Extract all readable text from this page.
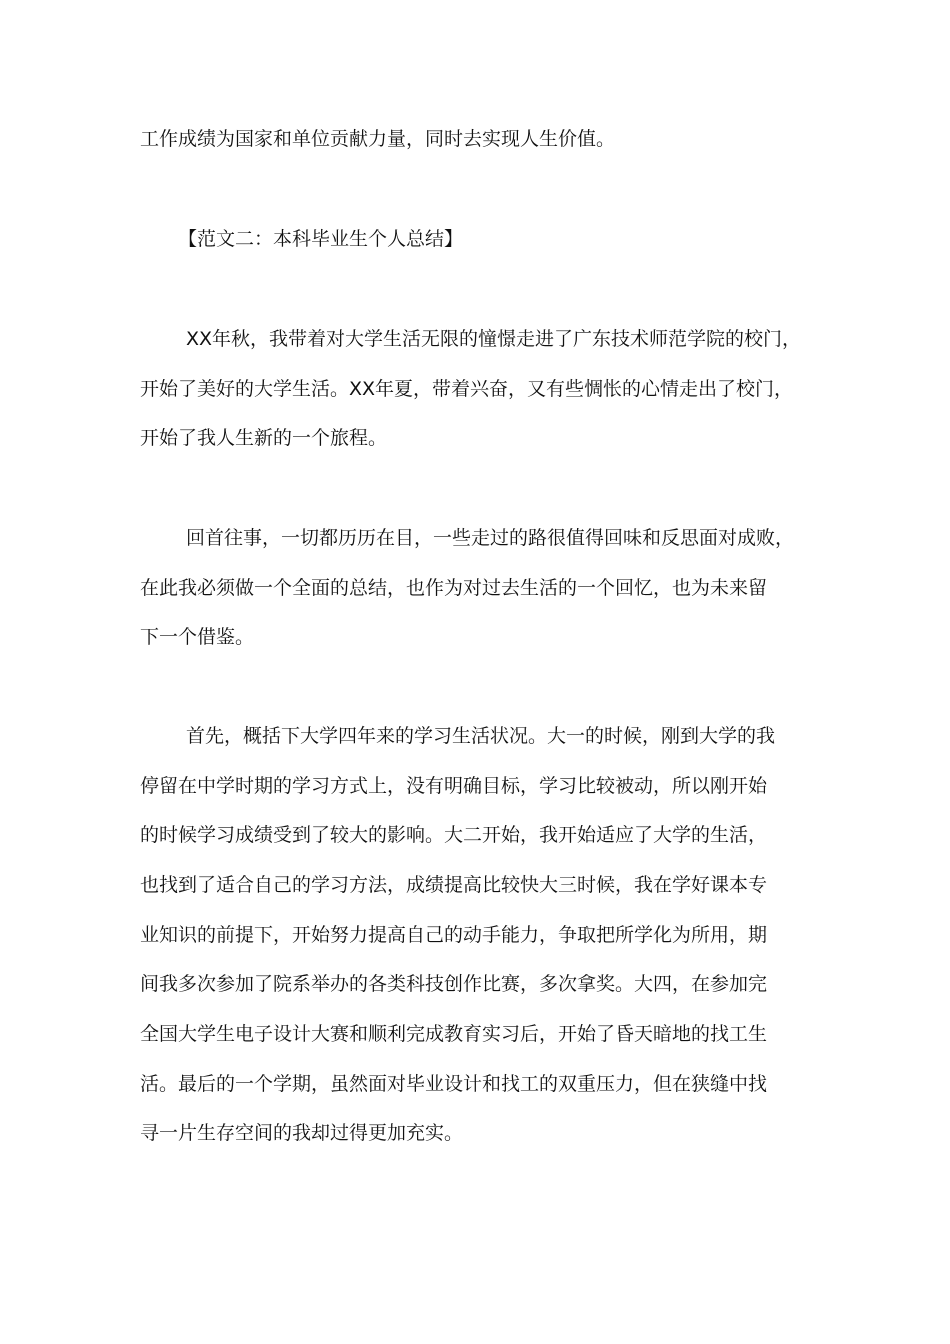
工作成绩为国家和单位贡献力量，同时去实现人生价值。
【范文二：本科毕业生个人总结】
XX年秋，我带着对大学生活无限的憧憬走进了广东技术师范学院的校门，
开始了美好的大学生活。XX年夏，带着兴奋，又有些惆怅的心情走出了校门，
开始了我人生新的一个旅程。
回首往事，一切都历历在目，一些走过的路很值得回味和反思面对成败，
在此我必须做一个全面的总结，也作为对过去生活的一个回忆，也为未来留
下一个借鉴。
首先，概括下大学四年来的学习生活状况。大一的时候，刚到大学的我
停留在中学时期的学习方式上，没有明确目标，学习比较被动，所以刚开始
的时候学习成绩受到了较大的影响。大二开始，我开始适应了大学的生活，
也找到了适合自己的学习方法，成绩提高比较快大三时候，我在学好课本专
业知识的前提下，开始努力提高自己的动手能力，争取把所学化为所用，期
间我多次参加了院系举办的各类科技创作比赛，多次拿奖。大四，在参加完
全国大学生电子设计大赛和顺利完成教育实习后，开始了昏天暗地的找工生
活。最后的一个学期，虽然面对毕业设计和找工的双重压力，但在狭缝中找
寻一片生存空间的我却过得更加充实。
